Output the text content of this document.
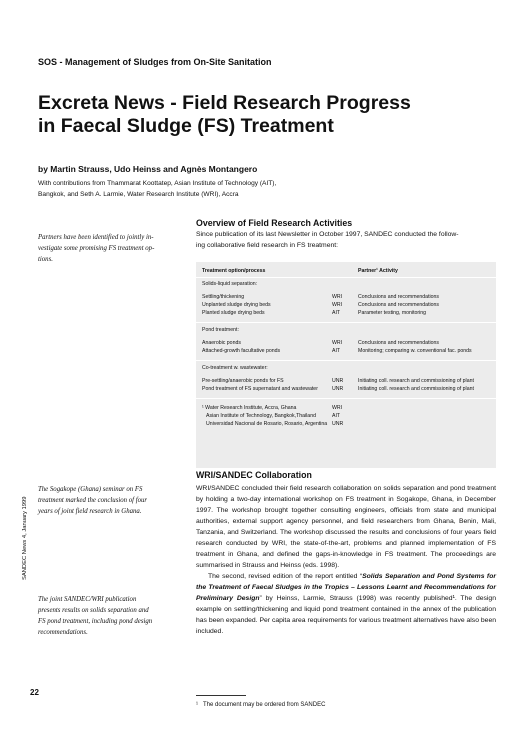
SOS - Management of Sludges from On-Site Sanitation
Excreta News - Field Research Progress
in Faecal Sludge (FS) Treatment
by Martin Strauss, Udo Heinss and Agnès Montangero
With contributions from Thammarat Koottatep, Asian Institute of Technology (AIT),
Bangkok, and Seth A. Larmie, Water Research Institute (WRI), Accra
Partners have been identified to jointly in-
vestigate some promising FS treatment op-
tions.
The Sogakope (Ghana) seminar on FS
treatment marked the conclusion of four
years of joint field research in Ghana.
The joint SANDEC/WRI publication
presents results on solids separation and
FS pond treatment, including pond design
recommendations.
Overview of Field Research Activities
Since publication of its last Newsletter in October 1997, SANDEC conducted the follow-
ing collaborative field research in FS treatment:
Treatment option/process	Partner¹ Activity
Solids-liquid separation:
Settling/thickening	WRI	Conclusions and recommendations
Unplanted sludge drying beds	WRI	Conclusions and recommendations
Planted sludge drying beds	AIT	Parameter testing, monitoring
Pond treatment:
Anaerobic ponds	WRI	Conclusions and recommendations
Attached-growth facultative ponds	AIT	Monitoring; comparing w. conventional fac. ponds
Co-treatment w. wastewater:
Pre-settling/anaerobic ponds for FS	UNR	Initiating coll. research and commissioning of plant
Pond treatment of FS supernatant and wastewater	UNR	Initiating coll. research and commissioning of plant
¹ Water Research Institute, Accra, Ghana	WRI
Asian Institute of Technology, Bangkok,Thailand	AIT
Universidad Nacional de Rosario, Rosario, Argentina UNR
WRI/SANDEC Collaboration

WRI/SANDEC concluded their field research collaboration on solids separation and pond treatment by holding a two-day international workshop on FS treatment in Sogakope, Ghana, in December 1997. The workshop brought together consulting engineers, officials from state and municipal authorities, external support agency personnel, and field researchers from Ghana, Benin, Mali, Tanzania, and Switzerland. The workshop discussed the results and conclusions of four years field research conducted by WRI, the state-of-the-art, problems and planned implementation of FS treatment in Ghana, and defined the gaps-in-knowledge in FS treatment. The proceedings are summarised in Strauss and Heinss (eds. 1998).

The second, revised edition of the report entitled “Solids Separation and Pond Systems for the Treatment of Faecal Sludges in the Tropics – Lessons Learnt and Recommendations for Preliminary Design” by Heinss, Larmie, Strauss (1998) was recently published¹. The design example on settling/thickening and liquid pond treatment contained in the annex of the publication has been expanded. Per capita area requirements for various treatment alternatives have also been included.

SANDEC News 4, January 1999
22
¹ The document may be ordered from SANDEC
